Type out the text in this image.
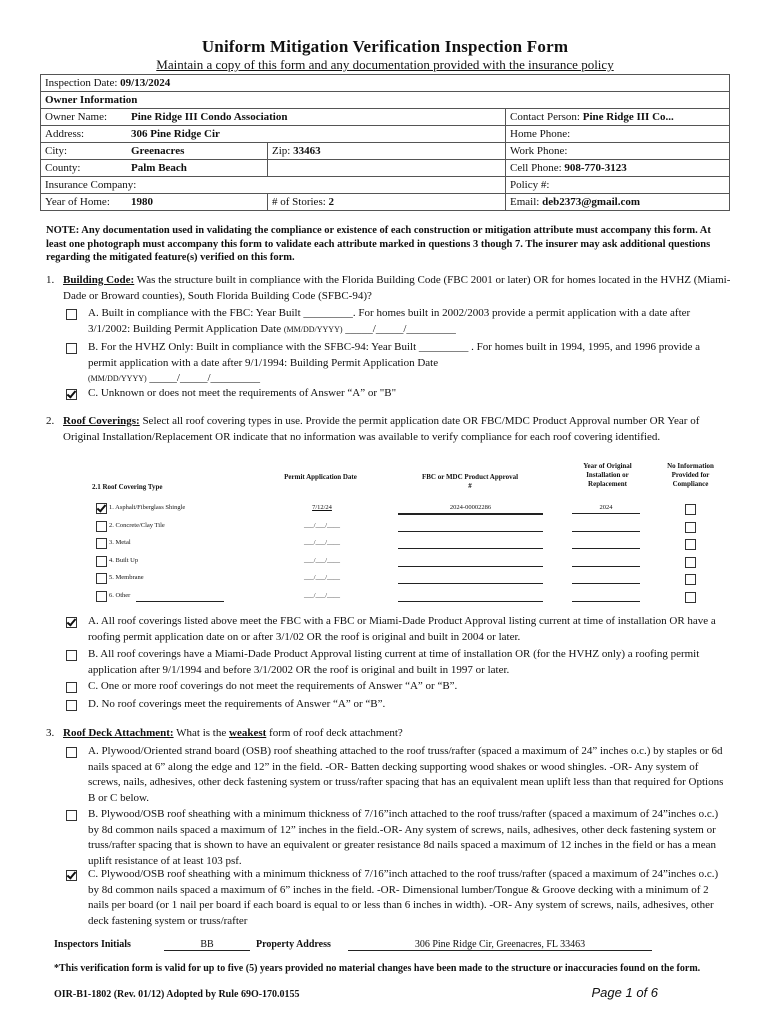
Uniform Mitigation Verification Inspection Form
Maintain a copy of this form and any documentation provided with the insurance policy
Inspection Date: 09/13/2024		
Owner Information		
Owner Name: Pine Ridge III Condo Association		Contact Person: Pine Ridge III Co...
Address: 306 Pine Ridge Cir		Home Phone:
City: Greenacres	Zip: 33463	Work Phone:
County: Palm Beach		Cell Phone: 908-770-3123
Insurance Company:		Policy #:
Year of Home: 1980	# of Stories: 2	Email: deb2373@gmail.com
NOTE: Any documentation used in validating the compliance or existence of each construction or mitigation attribute must accompany this form. At least one photograph must accompany this form to validate each attribute marked in questions 3 though 7. The insurer may ask additional questions regarding the mitigated feature(s) verified on this form.
1. Building Code: Was the structure built in compliance with the Florida Building Code (FBC 2001 or later) OR for homes located in the HVHZ (Miami-Dade or Broward counties), South Florida Building Code (SFBC-94)?
A. Built in compliance with the FBC: Year Built _________. For homes built in 2002/2003 provide a permit application with a date after 3/1/2002: Building Permit Application Date (MM/DD/YYYY) _____/_____/_________
B. For the HVHZ Only: Built in compliance with the SFBC-94: Year Built _________ . For homes built in 1994, 1995, and 1996 provide a permit application with a date after 9/1/1994: Building Permit Application Date
(MM/DD/YYYY) _____/_____/_________
C. Unknown or does not meet the requirements of Answer “A” or "B"
2. Roof Coverings: Select all roof covering types in use. Provide the permit application date OR FBC/MDC Product Approval number OR Year of Original Installation/Replacement OR indicate that no information was available to verify compliance for each roof covering identified.
2.1 Roof Covering Type
Permit Application Date	FBC or MDC Product Approval #
Year of Original Installation or Replacement
No Information Provided for Compliance
1. Asphalt/Fiberglass Shingle	7/12/24	2024-00002286	2024
2. Concrete/Clay Tile	___/___/____
3. Metal	___/___/____
4. Built Up	___/___/____
5. Membrane	___/___/____
6. Other	___/___/____
A. All roof coverings listed above meet the FBC with a FBC or Miami-Dade Product Approval listing current at time of installation OR have a roofing permit application date on or after 3/1/02 OR the roof is original and built in 2004 or later.
B. All roof coverings have a Miami-Dade Product Approval listing current at time of installation OR (for the HVHZ only) a roofing permit application after 9/1/1994 and before 3/1/2002 OR the roof is original and built in 1997 or later.
C. One or more roof coverings do not meet the requirements of Answer “A” or “B”.
D. No roof coverings meet the requirements of Answer “A” or “B”.
3. Roof Deck Attachment: What is the weakest form of roof deck attachment?
A. Plywood/Oriented strand board (OSB) roof sheathing attached to the roof truss/rafter (spaced a maximum of 24” inches o.c.) by staples or 6d nails spaced at 6” along the edge and 12” in the field. -OR- Batten decking supporting wood shakes or wood shingles. -OR- Any system of screws, nails, adhesives, other deck fastening system or truss/rafter spacing that has an equivalent mean uplift less than that required for Options B or C below.
B. Plywood/OSB roof sheathing with a minimum thickness of 7/16”inch attached to the roof truss/rafter (spaced a maximum of 24”inches o.c.) by 8d common nails spaced a maximum of 12” inches in the field.-OR- Any system of screws, nails, adhesives, other deck fastening system or truss/rafter spacing that is shown to have an equivalent or greater resistance 8d nails spaced a maximum of 12 inches in the field or has a mean uplift resistance of at least 103 psf.
C. Plywood/OSB roof sheathing with a minimum thickness of 7/16”inch attached to the roof truss/rafter (spaced a maximum of 24”inches o.c.) by 8d common nails spaced a maximum of 6” inches in the field. -OR- Dimensional lumber/Tongue & Groove decking with a minimum of 2 nails per board (or 1 nail per board if each board is equal to or less than 6 inches in width). -OR- Any system of screws, nails, adhesives, other deck fastening system or truss/rafter
Inspectors Initials	BB	Property Address	306 Pine Ridge Cir, Greenacres, FL 33463
*This verification form is valid for up to five (5) years provided no material changes have been made to the structure or inaccuracies found on the form.
OIR-B1-1802 (Rev. 01/12) Adopted by Rule 69O-170.0155	Page 1 of 6
